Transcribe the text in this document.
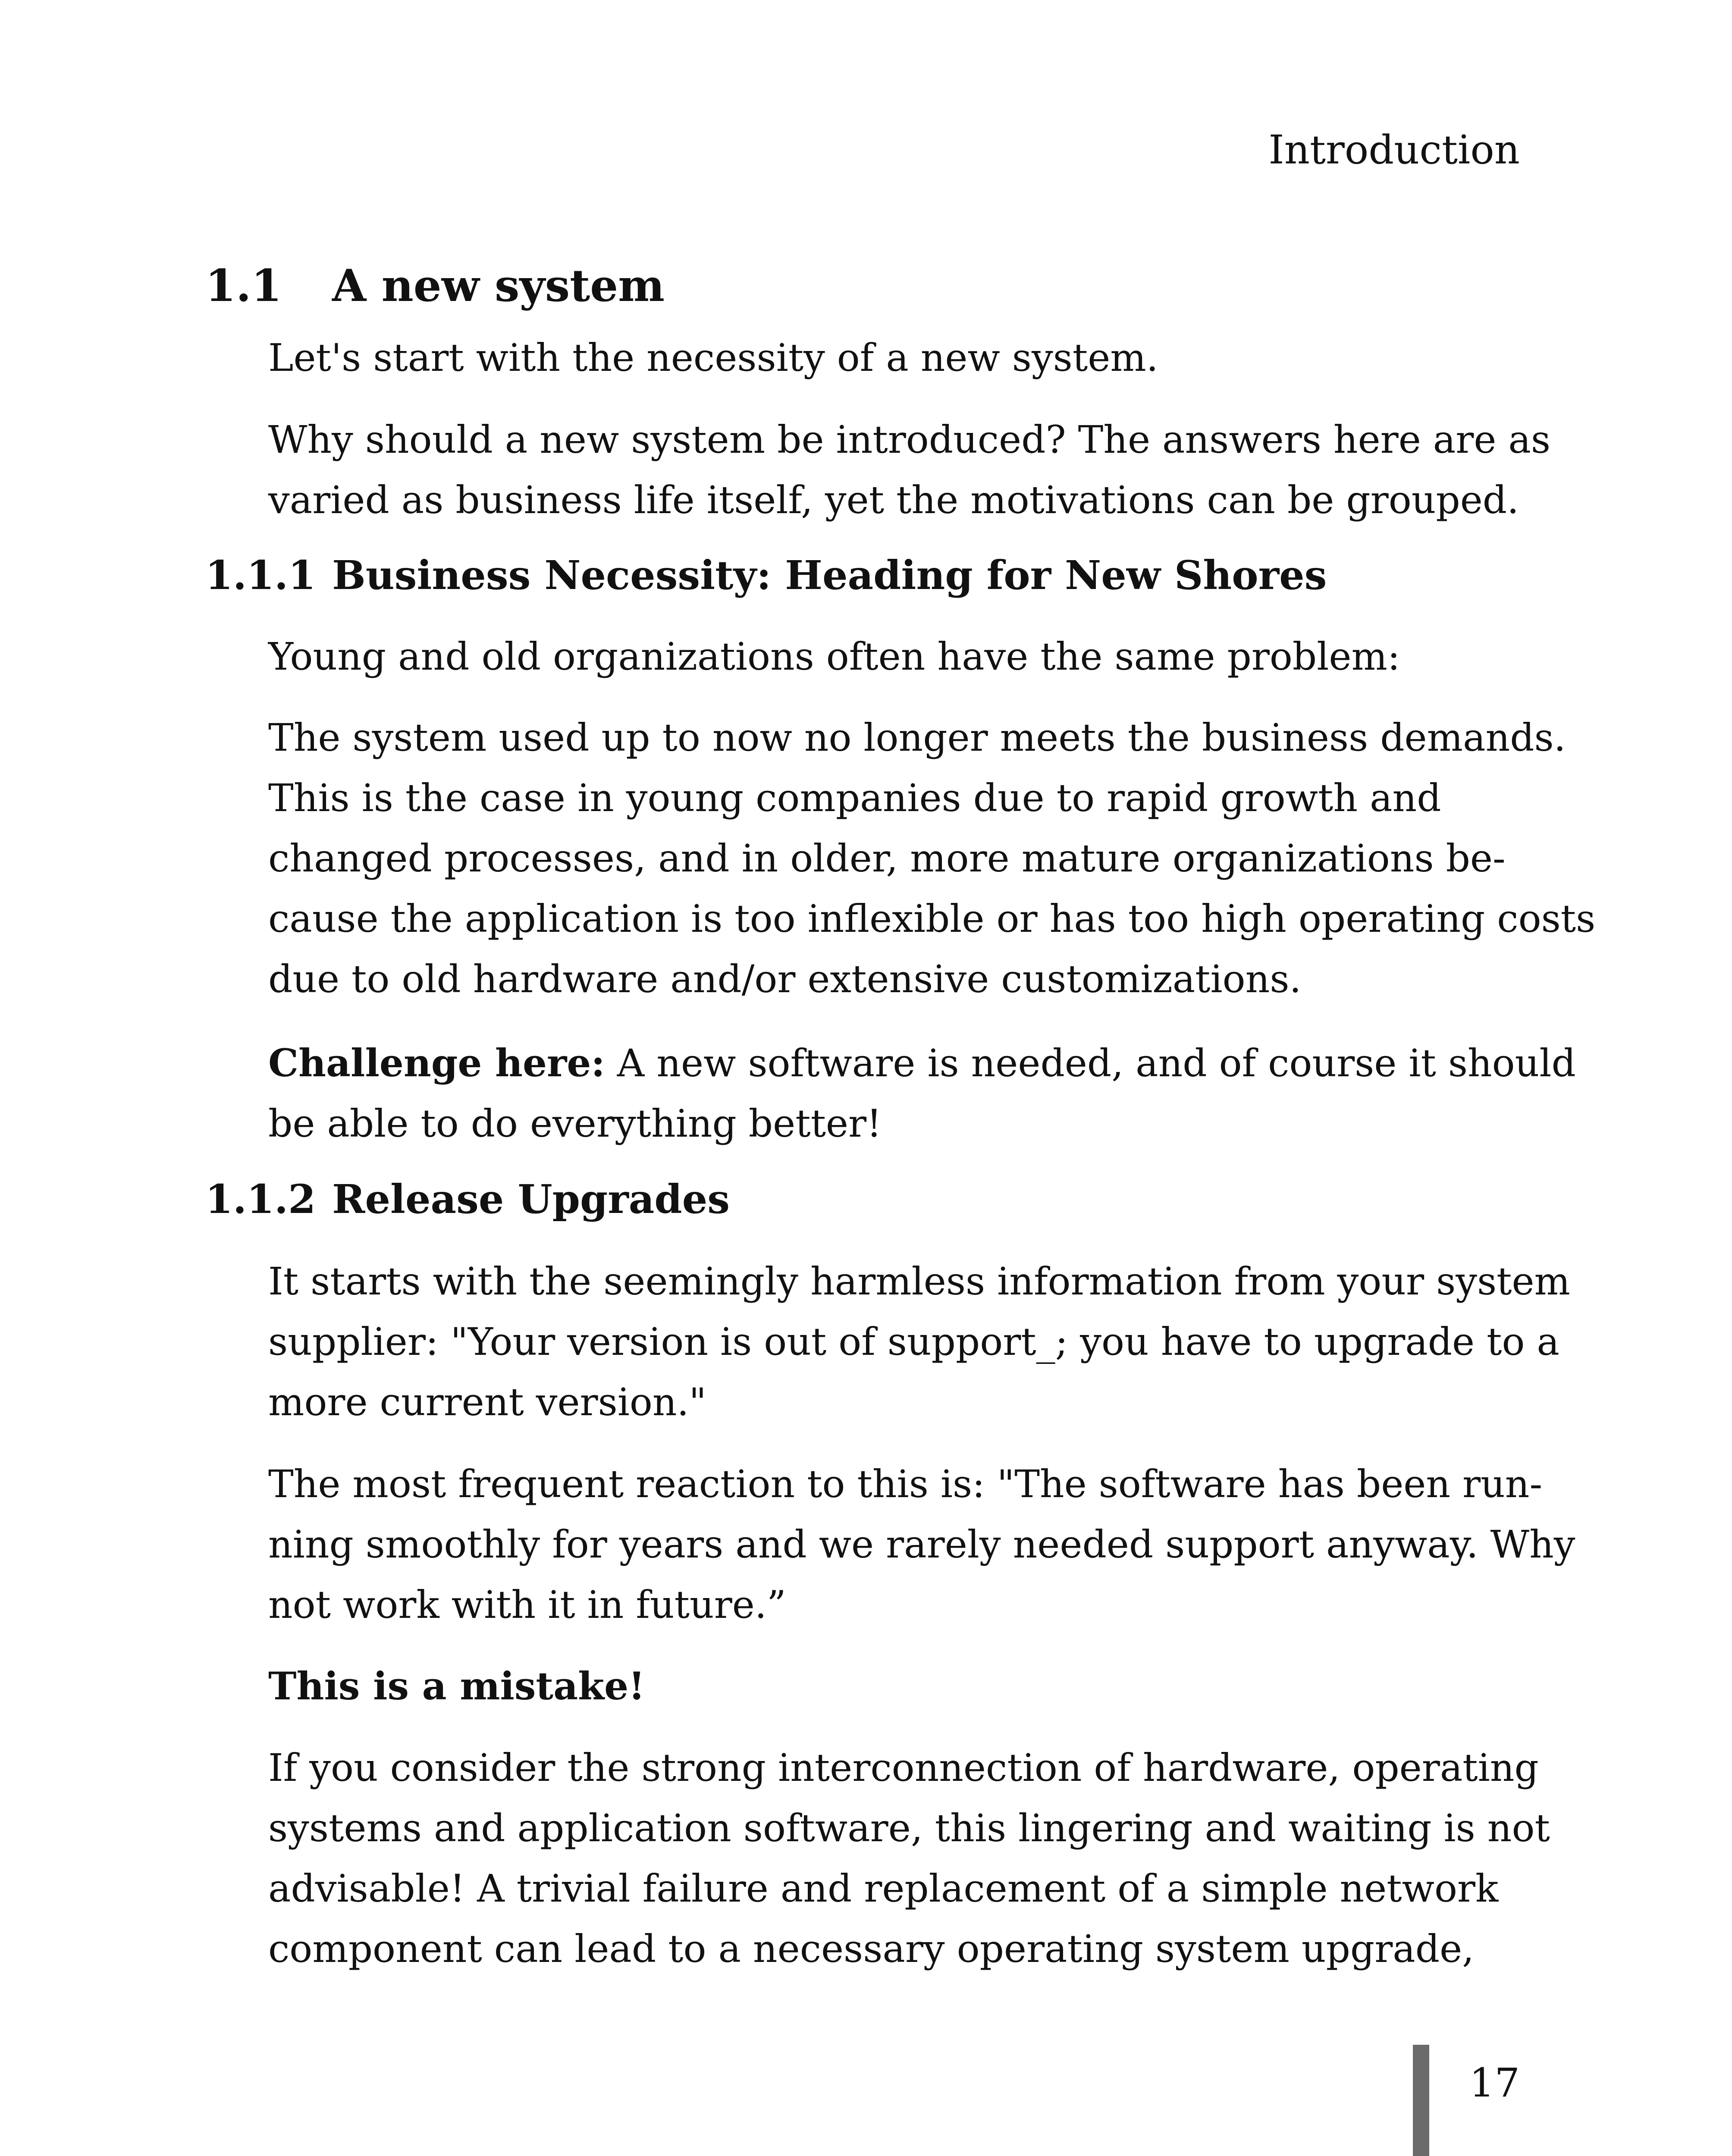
Introduction
1.1 A new system
Let's start with the necessity of a new system.
Why should a new system be introduced? The answers here are as
varied as business life itself, yet the motivations can be grouped.
1.1.1 Business Necessity: Heading for New Shores
Young and old organizations often have the same problem:
The system used up to now no longer meets the business demands.
This is the case in young companies due to rapid growth and
changed processes, and in older, more mature organizations be-
cause the application is too inflexible or has too high operating costs
due to old hardware and/or extensive customizations.
Challenge here: A new software is needed, and of course it should
be able to do everything better!
1.1.2 Release Upgrades
It starts with the seemingly harmless information from your system
supplier: "Your version is out of support_; you have to upgrade to a
more current version."
The most frequent reaction to this is: "The software has been run-
ning smoothly for years and we rarely needed support anyway. Why
not work with it in future.”
This is a mistake!
If you consider the strong interconnection of hardware, operating
systems and application software, this lingering and waiting is not
advisable! A trivial failure and replacement of a simple network
component can lead to a necessary operating system upgrade,
17
